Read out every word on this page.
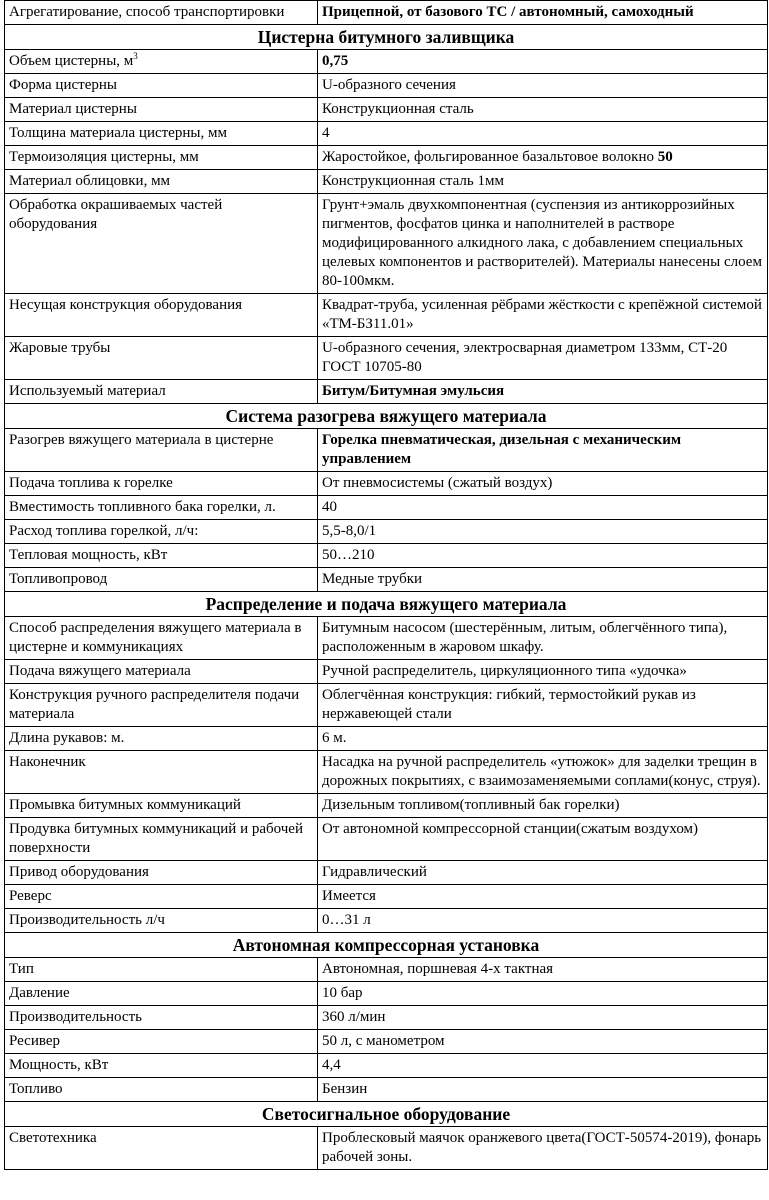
Агрегатирование, способ транспортировки	Прицепной, от базового ТС / автономный, самоходный
Цистерна битумного заливщика	
Объем цистерны, $м^3$	0,75
Форма цистерны	U-образного сечения
Материал цистерны	Конструкционная сталь
Толщина материала цистерны, мм	4
Термоизоляция цистерны, мм	Жаростойкое, фольгированное базальтовое волокно 50
Материал облицовки, мм	Конструкционная сталь 1мм
Обработка окрашиваемых частей оборудования	Грунт+эмаль двухкомпонентная (суспензия из антикоррозийных пигментов, фосфатов цинка и наполнителей в растворе модифицированного алкидного лака, с добавлением специальных целевых компонентов и растворителей). Материалы нанесены слоем 80-100мкм.
Несущая конструкция оборудования	Квадрат-труба, усиленная рёбрами жёсткости с крепёжной системой «ТМ-БЗ11.01»
Жаровые трубы	U-образного сечения, электросварная диаметром 133мм, СТ-20 ГОСТ 10705-80
Используемый материал	Битум/Битумная эмульсия
Система разогрева вяжущего материала	
Разогрев вяжущего материала в цистерне	Горелка пневматическая, дизельная с механическим управлением
Подача топлива к горелке	От пневмосистемы (сжатый воздух)
Вместимость топливного бака горелки, л.	40
Расход топлива горелкой, л/ч:	5,5-8,0/1
Тепловая мощность, кВт	50…210
Топливопровод	Медные трубки
Распределение и подача вяжущего материала	
Способ распределения вяжущего материала в цистерне и коммуникациях	Битумным насосом (шестерённым, литым, облегчённого типа), расположенным в жаровом шкафу.
Подача вяжущего материала	Ручной распределитель, циркуляционного типа «удочка»
Конструкция ручного распределителя подачи материала	Облегчённая конструкция: гибкий, термостойкий рукав из нержавеющей стали
Длина рукавов: м.	6 м.
Наконечник	Насадка на ручной распределитель «утюжок» для заделки трещин в дорожных покрытиях, с взаимозаменяемыми соплами(конус, струя).
Промывка битумных коммуникаций	Дизельным топливом(топливный бак горелки)
Продувка битумных коммуникаций и рабочей поверхности	От автономной компрессорной станции(сжатым воздухом)
Привод оборудования	Гидравлический
Реверс	Имеется
Производительность л/ч	0…31 л
Автономная компрессорная установка	
Тип	Автономная, поршневая 4-х тактная
Давление	10 бар
Производительность	360 л/мин
Ресивер	50 л, с манометром
Мощность, кВт	4,4
Топливо	Бензин
Светосигнальное оборудование	
Светотехника	Проблесковый маячок оранжевого цвета(ГОСТ-50574-2019), фонарь рабочей зоны.
